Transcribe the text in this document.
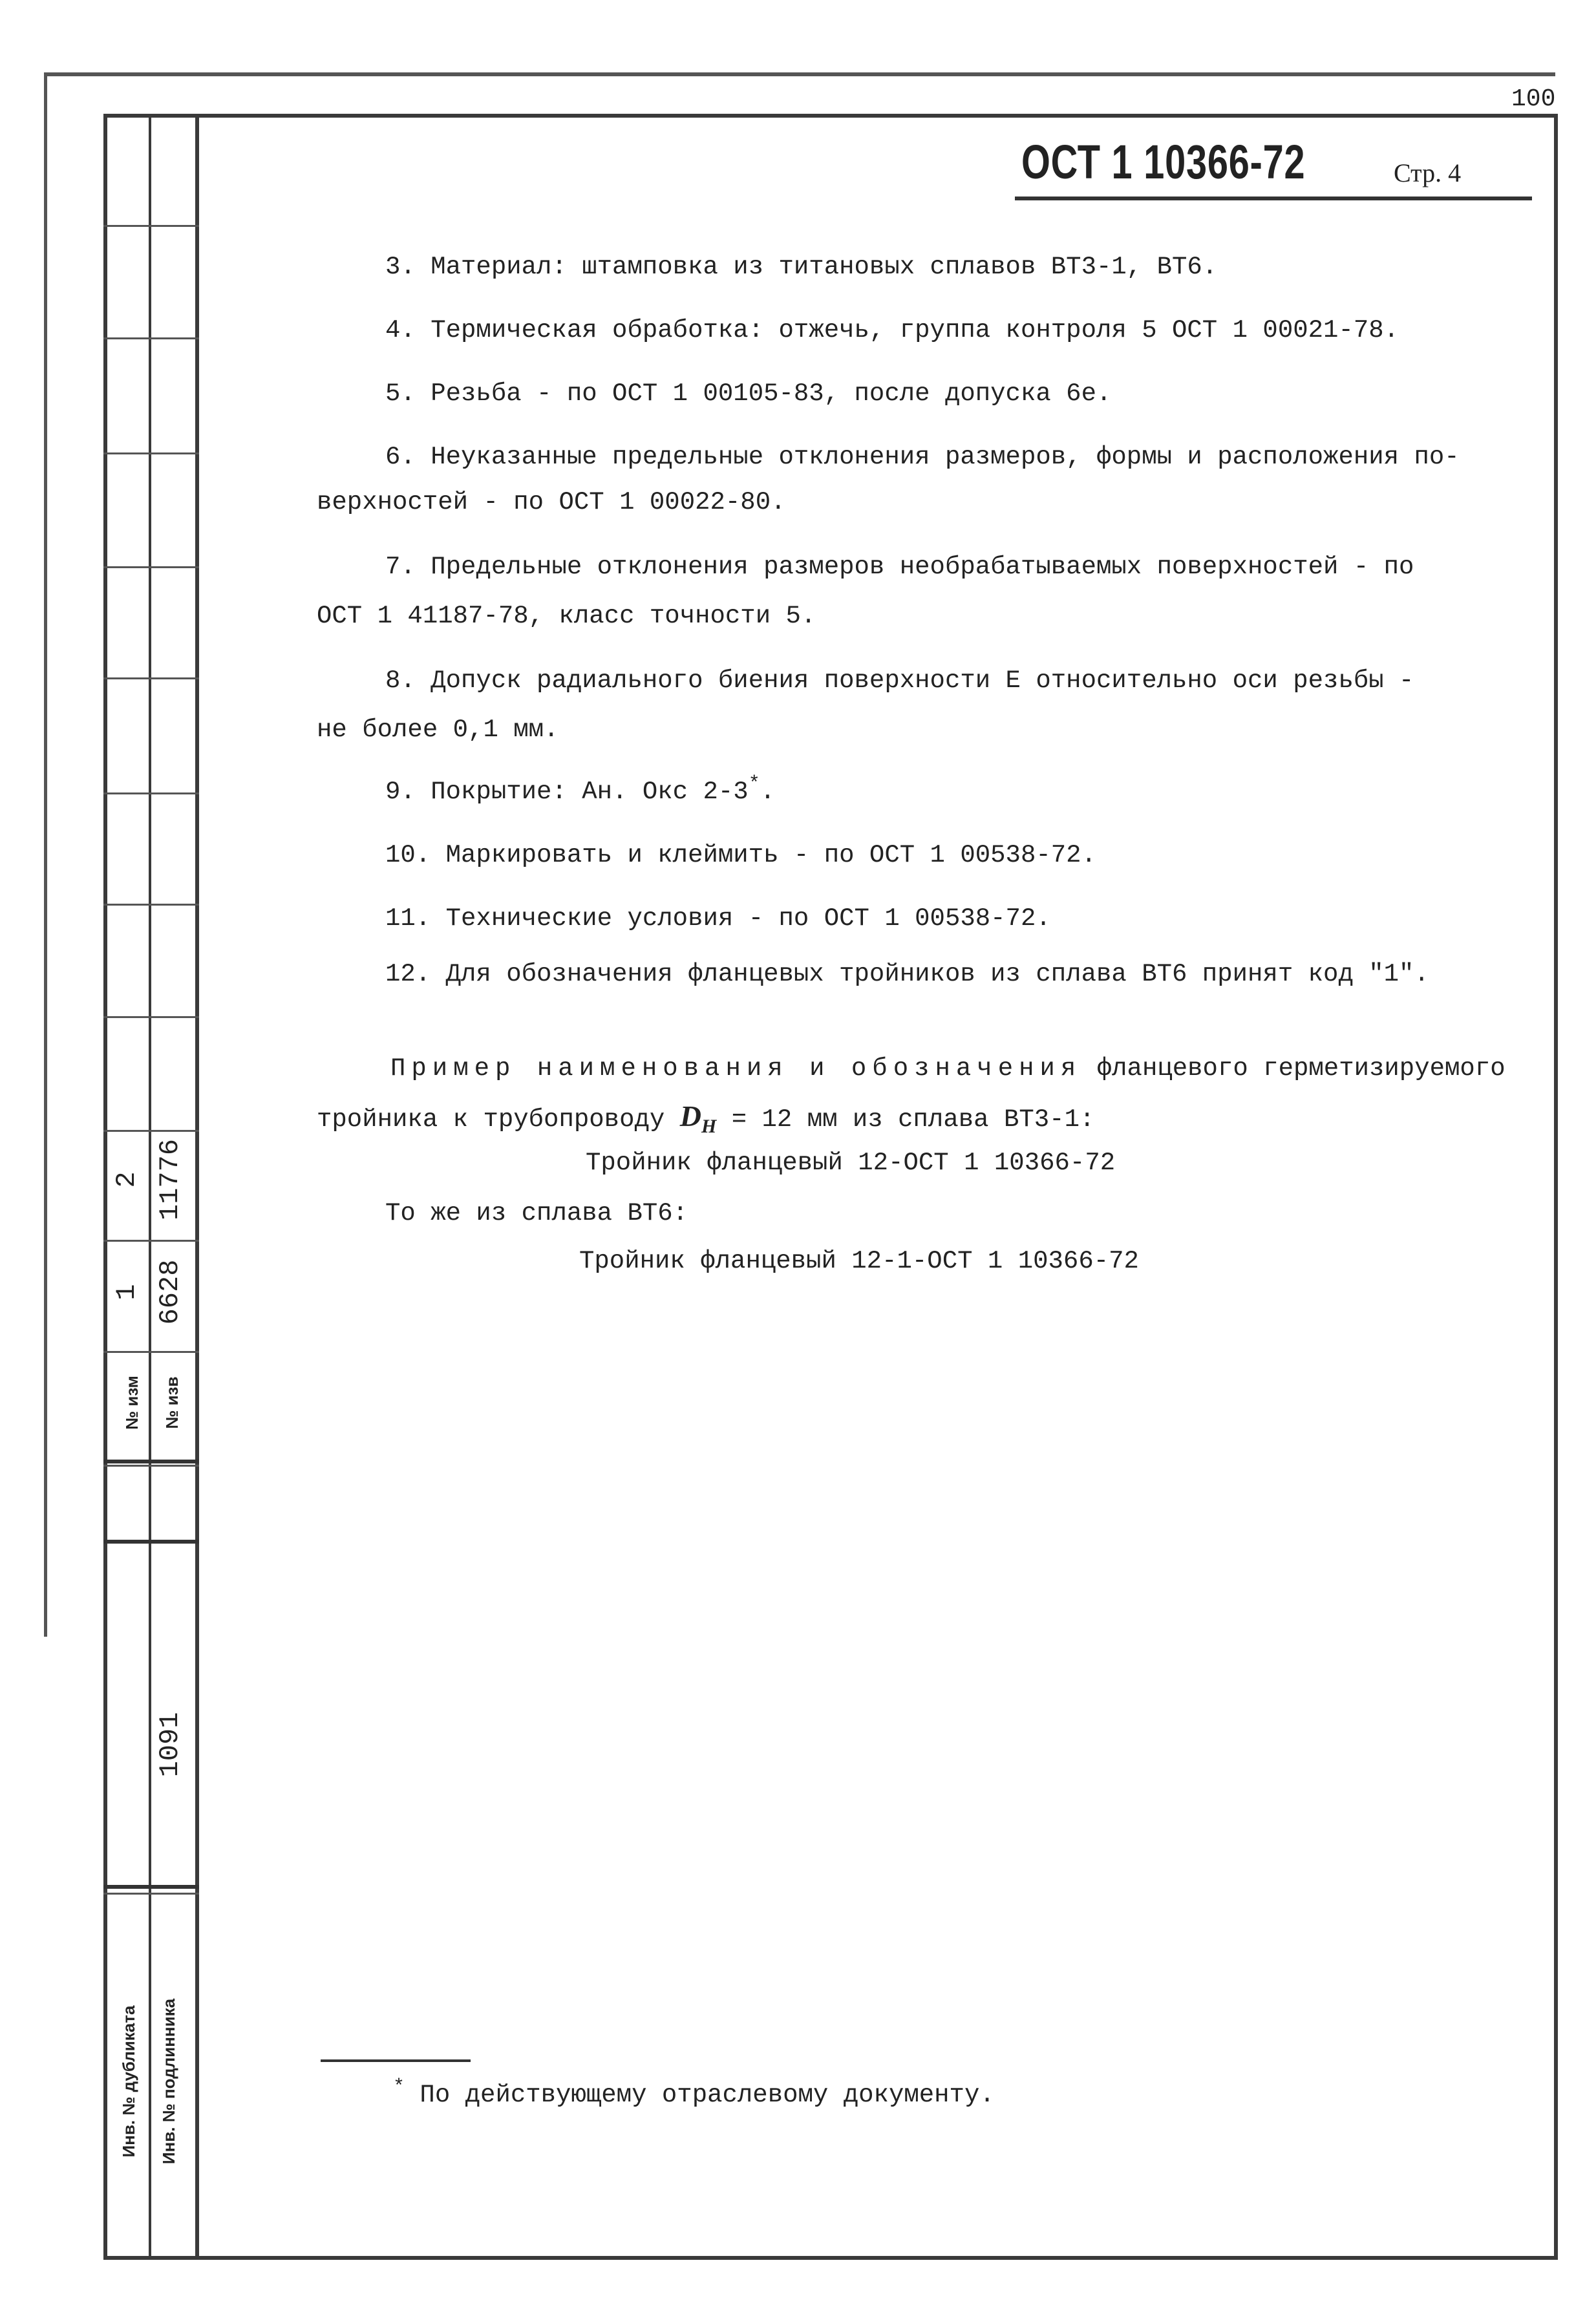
100
2 11776
1 6628
№ изм № изв
1091
Инв. № дубликата Инв. № подлинника
ОСТ 1 10366-72	Стр. 4
3. Материал: штамповка из титановых сплавов ВТ3-1, ВТ6.
4. Термическая обработка: отжечь, группа контроля 5 ОСТ 1 00021-78.
5. Резьба - по ОСТ 1 00105-83, после допуска 6е.
6. Неуказанные предельные отклонения размеров, формы и расположения по-
верхностей - по ОСТ 1 00022-80.
7. Предельные отклонения размеров необрабатываемых поверхностей - по
ОСТ 1 41187-78, класс точности 5.
8. Допуск радиального биения поверхности Е относительно оси резьбы -
не более 0,1 мм.
9. Покрытие: Ан. Окс 2-3*.
10. Маркировать и клеймить - по ОСТ 1 00538-72.
11. Технические условия - по ОСТ 1 00538-72.
12. Для обозначения фланцевых тройников из сплава ВТ6 принят код "1".
Пример наименования и обозначения фланцевого герметизируемого
тройника к трубопроводу $D_Н = 12$ мм из сплава ВТ3-1:
Тройник фланцевый 12-ОСТ 1 10366-72
То же из сплава ВТ6:
Тройник фланцевый 12-1-ОСТ 1 10366-72
* По действующему отраслевому документу.
